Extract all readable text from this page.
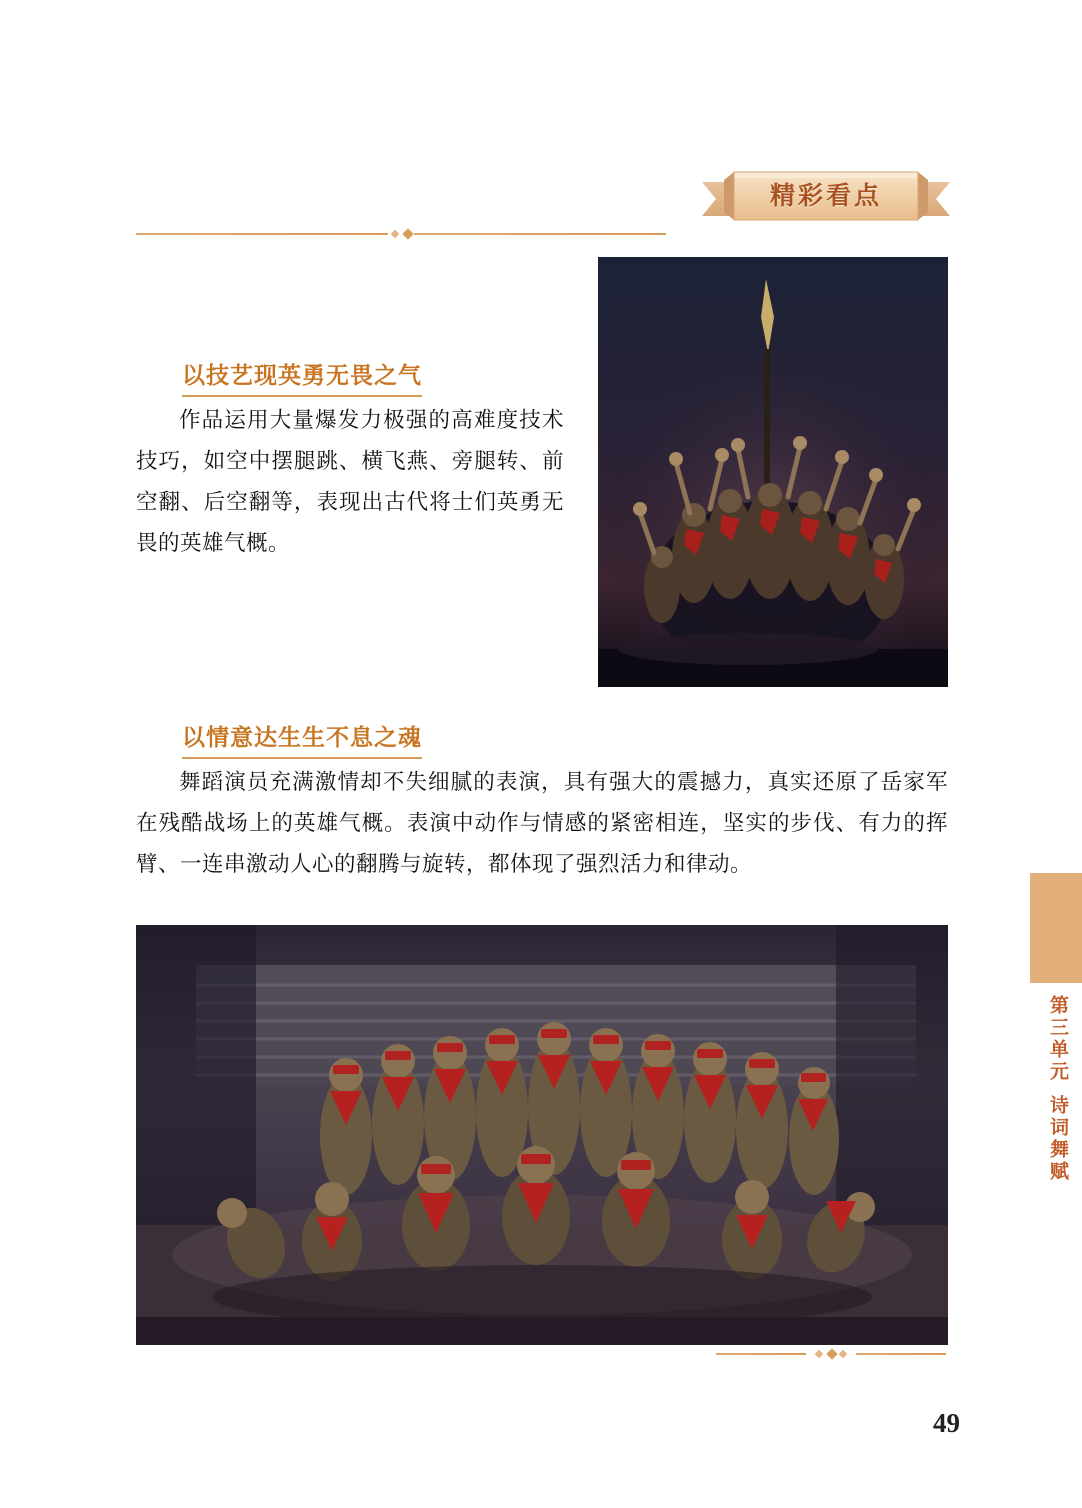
精彩看点
以技艺现英勇无畏之气
作品运用大量爆发力极强的高难度技术技巧，如空中摆腿跳、横飞燕、旁腿转、前空翻、后空翻等，表现出古代将士们英勇无畏的英雄气概。
以情意达生生不息之魂
舞蹈演员充满激情却不失细腻的表演，具有强大的震撼力，真实还原了岳家军在残酷战场上的英雄气概。表演中动作与情感的紧密相连，坚实的步伐、有力的挥臂、一连串激动人心的翻腾与旋转，都体现了强烈活力和律动。
第三单元
诗词舞赋
49
